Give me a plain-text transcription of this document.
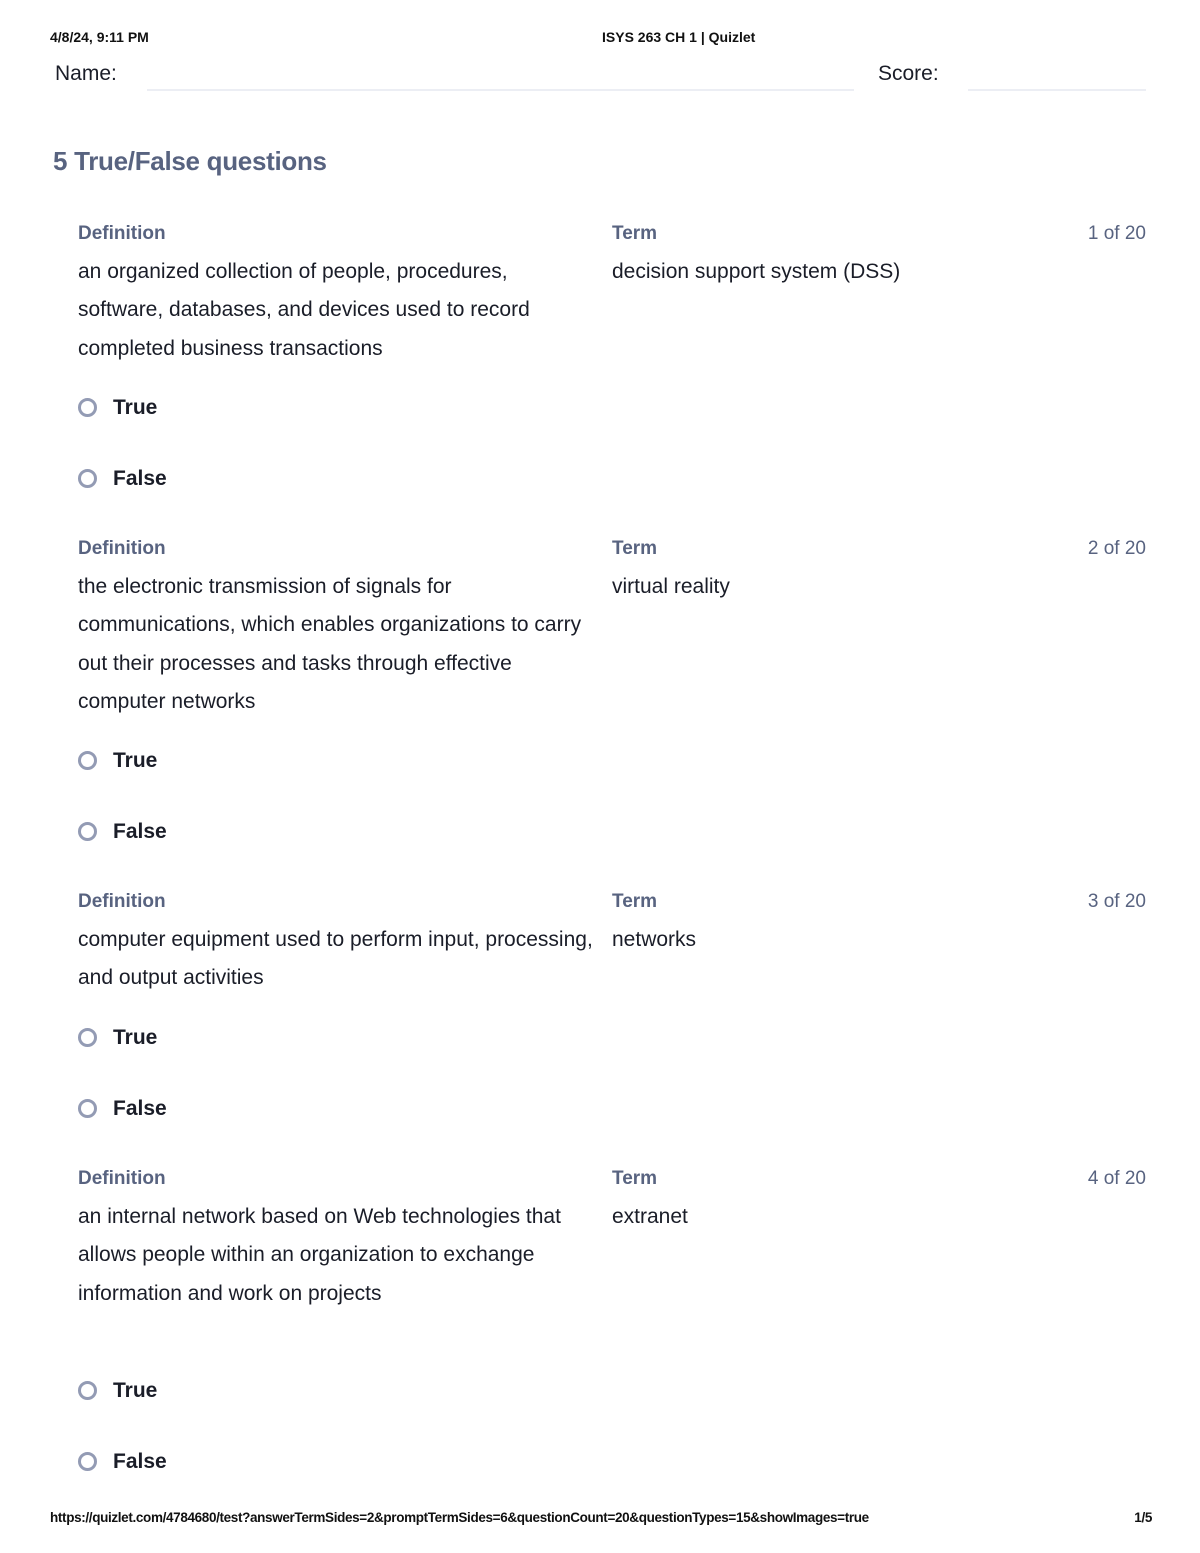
4/8/24, 9:11 PM	ISYS 263 CH 1 | Quizlet
Name:	Score:
5 True/False questions
Definition	Term	1 of 20
an organized collection of people, procedures, software, databases, and devices used to record completed business transactions
decision support system (DSS)
True
False
Definition	Term	2 of 20
the electronic transmission of signals for communications, which enables organizations to carry out their processes and tasks through effective computer networks
virtual reality
True
False
Definition	Term	3 of 20
computer equipment used to perform input, processing, and output activities
networks
True
False
Definition	Term	4 of 20
an internal network based on Web technologies that allows people within an organization to exchange information and work on projects
extranet
True
False
https://quizlet.com/4784680/test?answerTermSides=2&promptTermSides=6&questionCount=20&questionTypes=15&showImages=true	1/5
